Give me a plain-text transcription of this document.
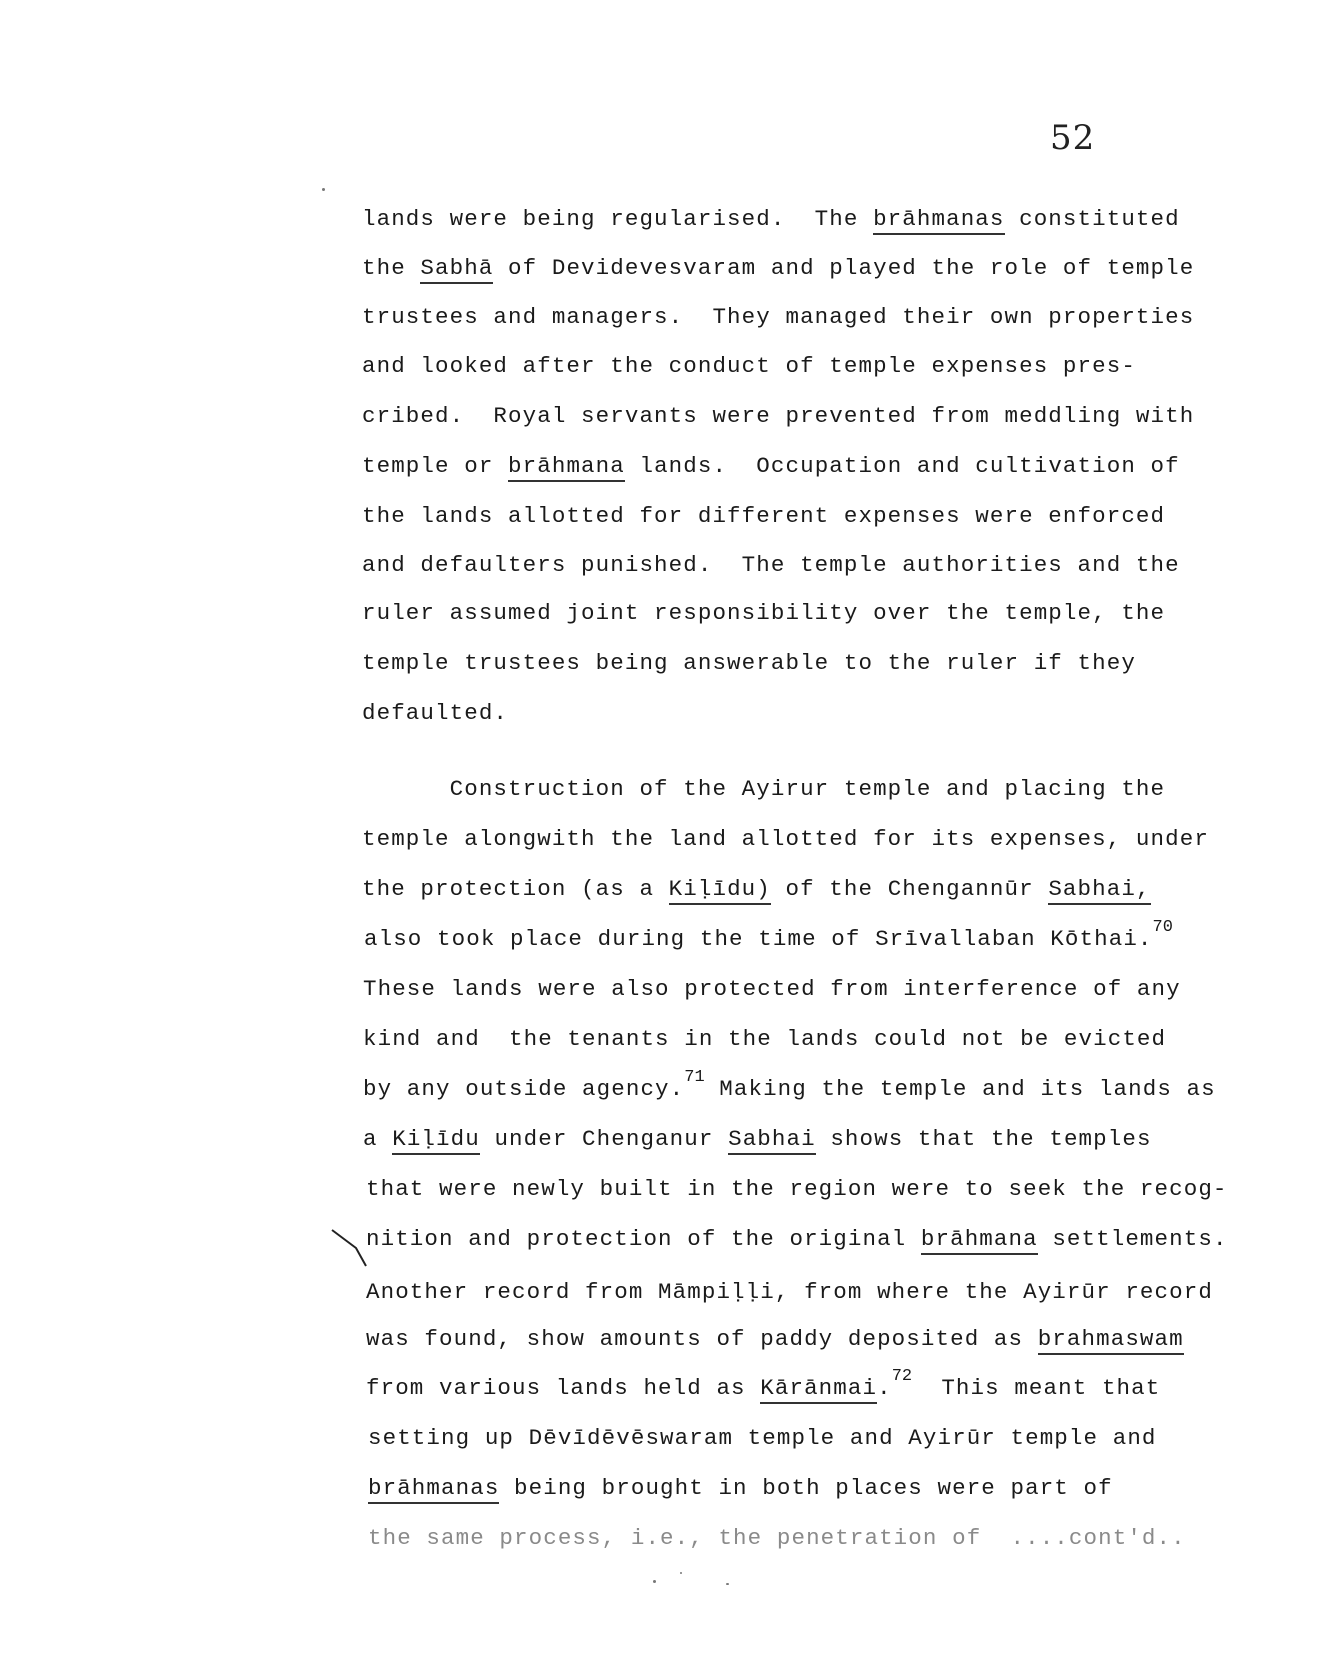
52
lands were being regularised.  The brāhmanas constituted
the Sabhā of Devidevesvaram and played the role of temple
trustees and managers.  They managed their own properties
and looked after the conduct of temple expenses pres-
cribed.  Royal servants were prevented from meddling with
temple or brāhmana lands.  Occupation and cultivation of
the lands allotted for different expenses were enforced
and defaulters punished.  The temple authorities and the
ruler assumed joint responsibility over the temple, the
temple trustees being answerable to the ruler if they
defaulted.
Construction of the Ayirur temple and placing the
temple alongwith the land allotted for its expenses, under
the protection (as a Kiḷīdu) of the Chengannūr Sabhai,
also took place during the time of Srīvallaban Kōthai.$^{70}$
These lands were also protected from interference of any
kind and  the tenants in the lands could not be evicted
by any outside agency.$^{71}$ Making the temple and its lands as
a Kiḷīdu under Chenganur Sabhai shows that the temples
that were newly built in the region were to seek the recog-
nition and protection of the original brāhmana settlements.
Another record from Māmpiḷḷi, from where the Ayirūr record
was found, show amounts of paddy deposited as brahmaswam
from various lands held as Kārānmai.$^{72}$  This meant that
setting up Dēvīdēvēswaram temple and Ayirūr temple and
brāhmanas being brought in both places were part of
the same process, i.e., the penetration of  ....cont'd..
